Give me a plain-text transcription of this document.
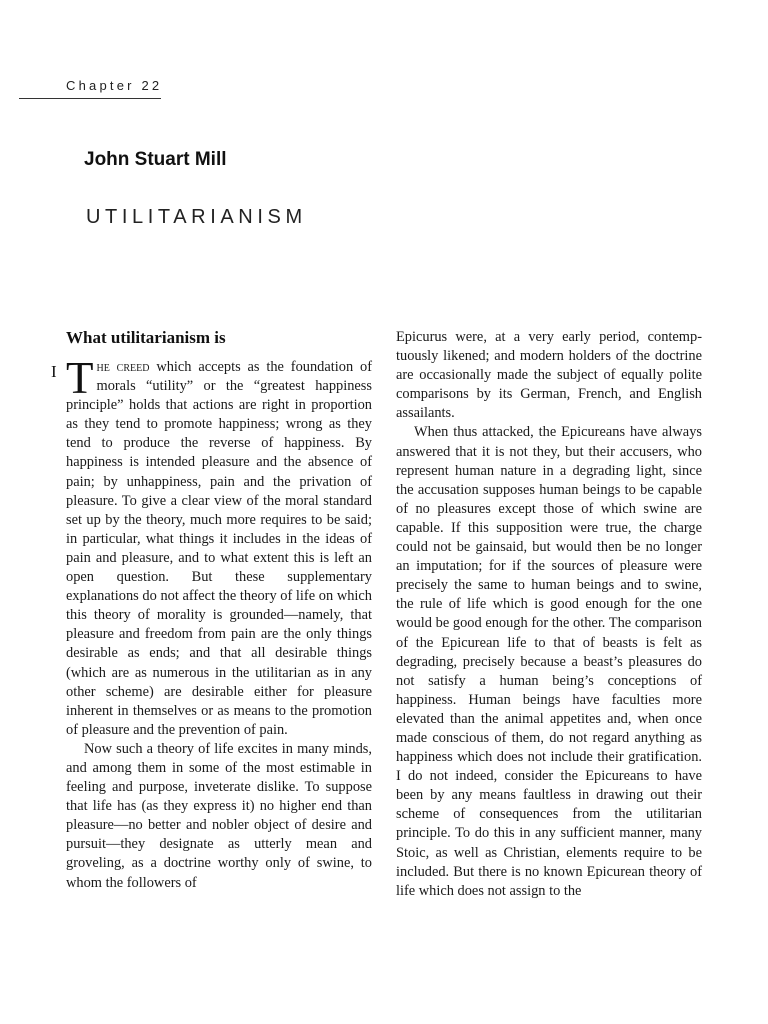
Chapter 22
John Stuart Mill
UTILITARIANISM
What utilitarianism is
I The creed which accepts as the foundation of morals “utility” or the “greatest happiness principle” holds that actions are right in proportion as they tend to promote happiness; wrong as they tend to produce the reverse of happiness. By happiness is intended pleasure and the absence of pain; by unhappiness, pain and the privation of pleasure. To give a clear view of the moral standard set up by the theory, much more requires to be said; in particular, what things it includes in the ideas of pain and pleasure, and to what extent this is left an open question. But these supplementary explanations do not affect the theory of life on which this theory of morality is grounded—namely, that pleasure and freedom from pain are the only things desirable as ends; and that all desirable things (which are as numerous in the utilitarian as in any other scheme) are desirable either for pleasure inherent in themselves or as means to the promotion of pleasure and the prevention of pain.

Now such a theory of life excites in many minds, and among them in some of the most estimable in feeling and purpose, inveterate dislike. To suppose that life has (as they express it) no higher end than pleasure—no better and nobler object of desire and pursuit—they designate as utterly mean and groveling, as a doctrine worthy only of swine, to whom the followers of

Epicurus were, at a very early period, contemptuously likened; and modern holders of the doctrine are occasionally made the subject of equally polite comparisons by its German, French, and English assailants.

When thus attacked, the Epicureans have always answered that it is not they, but their accusers, who represent human nature in a degrading light, since the accusation supposes human beings to be capable of no pleasures except those of which swine are capable. If this supposition were true, the charge could not be gainsaid, but would then be no longer an imputation; for if the sources of pleasure were precisely the same to human beings and to swine, the rule of life which is good enough for the one would be good enough for the other. The comparison of the Epicurean life to that of beasts is felt as degrading, precisely because a beast’s pleasures do not satisfy a human being’s conceptions of happiness. Human beings have faculties more elevated than the animal appetites and, when once made conscious of them, do not regard anything as happiness which does not include their gratification. I do not indeed, consider the Epicureans to have been by any means faultless in drawing out their scheme of consequences from the utilitarian principle. To do this in any sufficient manner, many Stoic, as well as Christian, elements require to be included. But there is no known Epicurean theory of life which does not assign to the
